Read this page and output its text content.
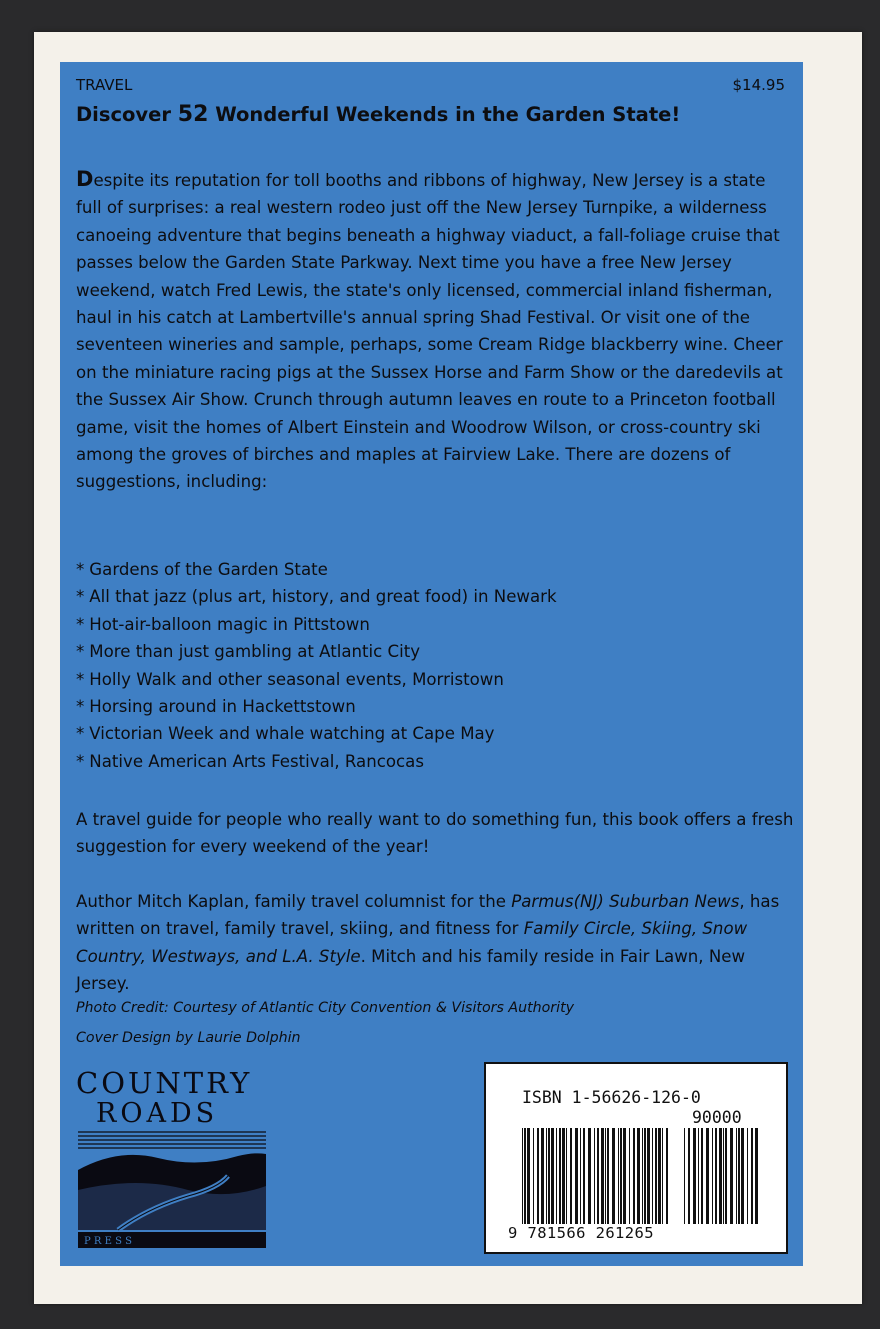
TRAVEL	$14.95
Discover 52 Wonderful Weekends in the Garden State!
Despite its reputation for toll booths and ribbons of highway, New Jersey is a state full of surprises: a real western rodeo just off the New Jersey Turnpike, a wilderness canoeing adventure that begins beneath a highway viaduct, a fall-foliage cruise that passes below the Garden State Parkway. Next time you have a free New Jersey weekend, watch Fred Lewis, the state's only licensed, commercial inland fisherman, haul in his catch at Lambertville's annual spring Shad Festival. Or visit one of the seventeen wineries and sample, perhaps, some Cream Ridge blackberry wine. Cheer on the miniature racing pigs at the Sussex Horse and Farm Show or the daredevils at the Sussex Air Show. Crunch through autumn leaves en route to a Princeton football game, visit the homes of Albert Einstein and Woodrow Wilson, or cross-country ski among the groves of birches and maples at Fairview Lake. There are dozens of suggestions, including:
* Gardens of the Garden State
* All that jazz (plus art, history, and great food) in Newark
* Hot-air-balloon magic in Pittstown
* More than just gambling at Atlantic City
* Holly Walk and other seasonal events, Morristown
* Horsing around in Hackettstown
* Victorian Week and whale watching at Cape May
* Native American Arts Festival, Rancocas
A travel guide for people who really want to do something fun, this book offers a fresh suggestion for every weekend of the year!
Author Mitch Kaplan, family travel columnist for the Parmus(NJ) Suburban News, has written on travel, family travel, skiing, and fitness for Family Circle, Skiing, Snow Country, Westways, and L.A. Style. Mitch and his family reside in Fair Lawn, New Jersey.
Photo Credit: Courtesy of Atlantic City Convention & Visitors Authority
Cover Design by Laurie Dolphin
COUNTRY
ROADS
P R E S S
ISBN 1-56626-126-0
90000
9 781566 261265
